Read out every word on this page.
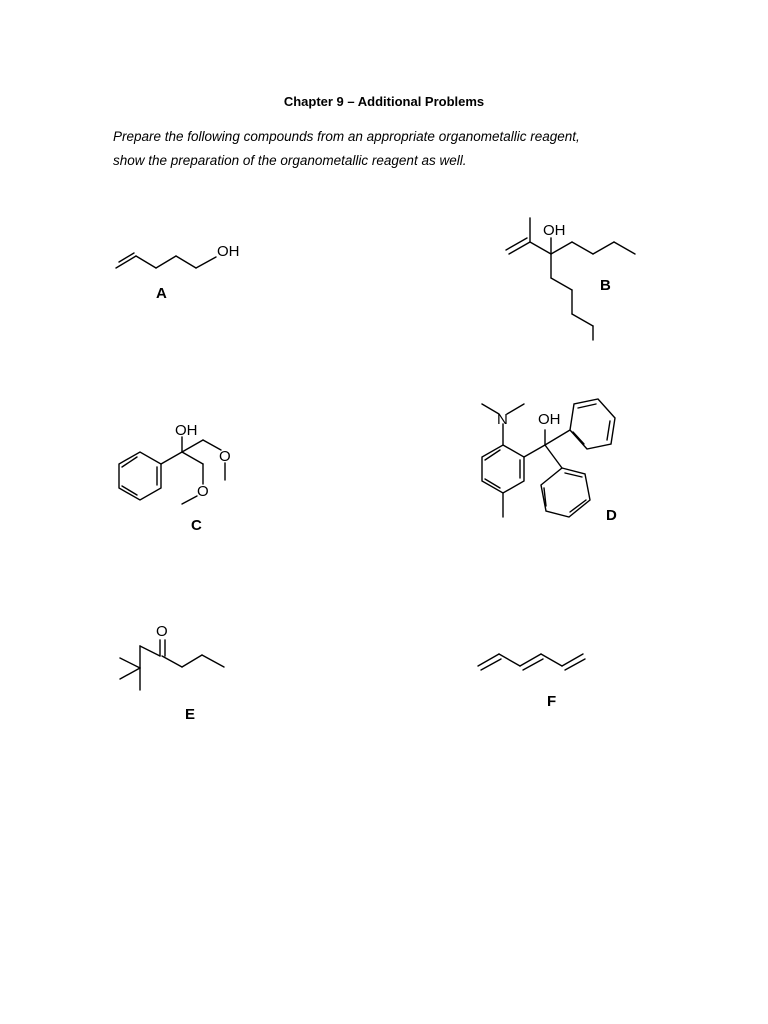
Chapter 9 – Additional Problems
Prepare the following compounds from an appropriate organometallic reagent,
show the preparation of the organometallic reagent as well.
OH
A
OH
B
OH
O
O
C
N OH
D
O
E
F
